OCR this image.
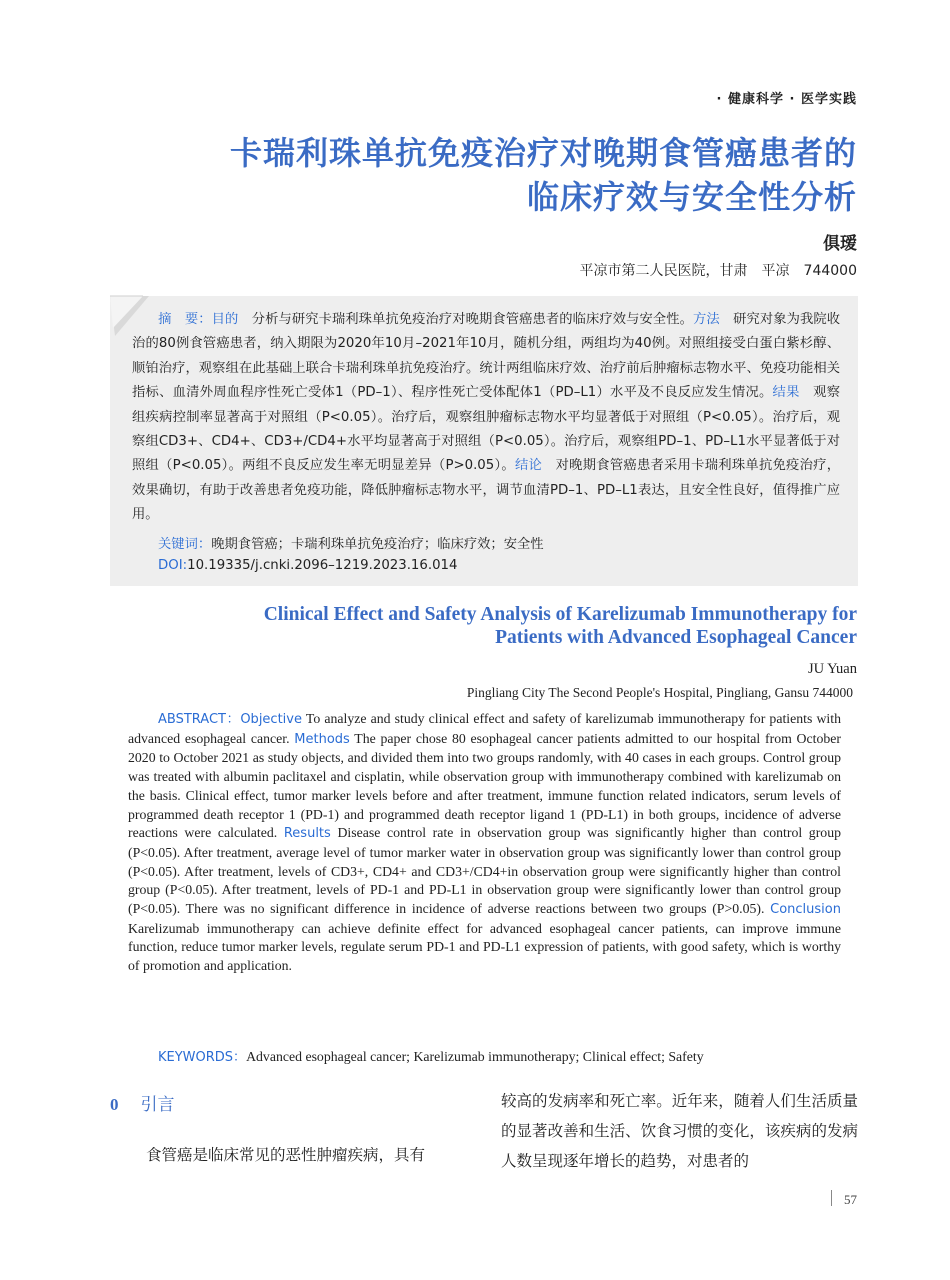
· 健康科学 · 医学实践
卡瑞利珠单抗免疫治疗对晚期食管癌患者的
临床疗效与安全性分析
俱瑷
平凉市第二人民医院，甘肃　平凉　744000
摘　要：目的　 分析与研究卡瑞利珠单抗免疫治疗对晚期食管癌患者的临床疗效与安全性。方法　 研究对象为我院收治的80例食管癌患者，纳入期限为2020年10月–2021年10月，随机分组，两组均为40例。对照组接受白蛋白紫杉醇、顺铂治疗，观察组在此基础上联合卡瑞利珠单抗免疫治疗。统计两组临床疗效、治疗前后肿瘤标志物水平、免疫功能相关指标、血清外周血程序性死亡受体1（PD–1）、程序性死亡受体配体1（PD–L1）水平及不良反应发生情况。结果　 观察组疾病控制率显著高于对照组（P<0.05）。治疗后，观察组肿瘤标志物水平均显著低于对照组（P<0.05）。治疗后，观察组CD3+、CD4+、CD3+/CD4+水平均显著高于对照组（P<0.05）。治疗后，观察组PD–1、PD–L1水平显著低于对照组（P<0.05）。两组不良反应发生率无明显差异（P>0.05）。结论　 对晚期食管癌患者采用卡瑞利珠单抗免疫治疗，效果确切，有助于改善患者免疫功能，降低肿瘤标志物水平，调节血清PD–1、PD–L1表达，且安全性良好，值得推广应用。
关键词：晚期食管癌；卡瑞利珠单抗免疫治疗；临床疗效；安全性
DOI:10.19335/j.cnki.2096–1219.2023.16.014
Clinical Effect and Safety Analysis of Karelizumab Immunotherapy for
Patients with Advanced Esophageal Cancer
JU Yuan
Pingliang City The Second People's Hospital, Pingliang, Gansu 744000
ABSTRACT：Objective To analyze and study clinical effect and safety of karelizumab immunotherapy for patients with advanced esophageal cancer. Methods The paper chose 80 esophageal cancer patients admitted to our hospital from October 2020 to October 2021 as study objects, and divided them into two groups randomly, with 40 cases in each groups. Control group was treated with albumin paclitaxel and cisplatin, while observation group with immunotherapy combined with karelizumab on the basis. Clinical effect, tumor marker levels before and after treatment, immune function related indicators, serum levels of programmed death receptor 1 (PD-1) and programmed death receptor ligand 1 (PD-L1) in both groups, incidence of adverse reactions were calculated. Results Disease control rate in observation group was significantly higher than control group (P<0.05). After treatment, average level of tumor marker water in observation group was significantly lower than control group (P<0.05). After treatment, levels of CD3+, CD4+ and CD3+/CD4+in observation group were significantly higher than control group (P<0.05). After treatment, levels of PD-1 and PD-L1 in observation group were significantly lower than control group (P<0.05). There was no significant difference in incidence of adverse reactions between two groups (P>0.05). Conclusion Karelizumab immunotherapy can achieve definite effect for advanced esophageal cancer patients, can improve immune function, reduce tumor marker levels, regulate serum PD-1 and PD-L1 expression of patients, with good safety, which is worthy of promotion and application.
KEYWORDS：Advanced esophageal cancer; Karelizumab immunotherapy; Clinical effect; Safety
0 引言
食管癌是临床常见的恶性肿瘤疾病，具有
较高的发病率和死亡率。近年来，随着人们生活质量的显著改善和生活、饮食习惯的变化，该疾病的发病人数呈现逐年增长的趋势，对患者的
57
